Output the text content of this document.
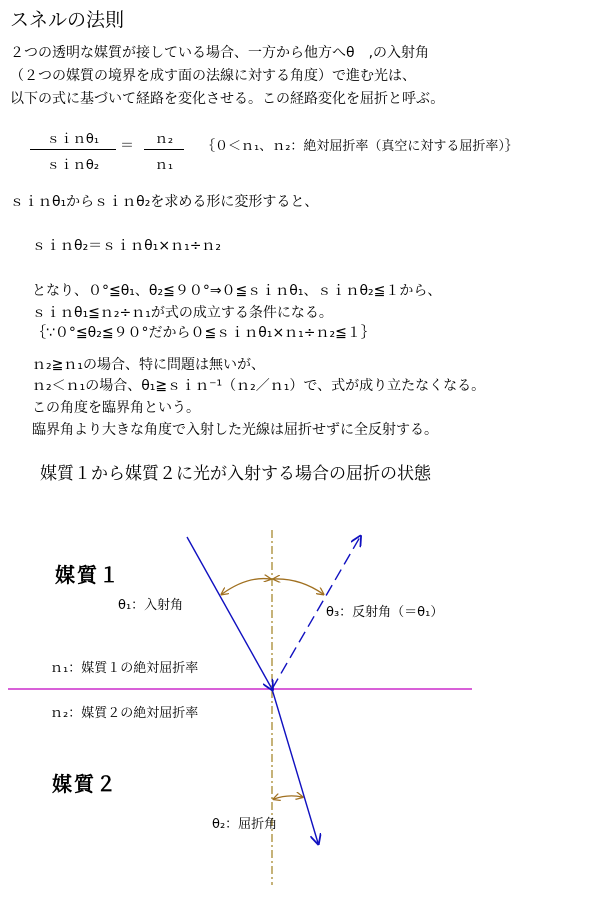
スネルの法則
２つの透明な媒質が接している場合、一方から他方へθ　,の入射角
（２つの媒質の境界を成す面の法線に対する角度）で進む光は、
以下の式に基づいて経路を変化させる。この経路変化を屈折と呼ぶ。
ｓｉｎθ₁
ｓｉｎθ₂
＝ $\frac{\text{ｎ₂}}{\text{ｎ₁}}$ ｛０＜ｎ₁、ｎ₂：絶対屈折率（真空に対する屈折率）｝
ｓｉｎθ₁からｓｉｎθ₂を求める形に変形すると、
ｓｉｎθ₂＝ｓｉｎθ₁×ｎ₁÷ｎ₂
となり、０°≦θ₁、θ₂≦９０°⇒０≦ｓｉｎθ₁、ｓｉｎθ₂≦１から、
ｓｉｎθ₁≦ｎ₂÷ｎ₁が式の成立する条件になる。
｛∵０°≦θ₂≦９０°だから０≦ｓｉｎθ₁×ｎ₁÷ｎ₂≦１｝
ｎ₂≧ｎ₁の場合、特に問題は無いが、
ｎ₂＜ｎ₁の場合、θ₁≧ｓｉｎ⁻¹（ｎ₂／ｎ₁）で、式が成り立たなくなる。
この角度を臨界角という。
臨界角より大きな角度で入射した光線は屈折せずに全反射する。
媒質１から媒質２に光が入射する場合の屈折の状態
媒質１
θ₁：入射角	θ₃：反射角（＝θ₁）
ｎ₁：媒質１の絶対屈折率
ｎ₂：媒質２の絶対屈折率
媒質２
θ₂：屈折角
